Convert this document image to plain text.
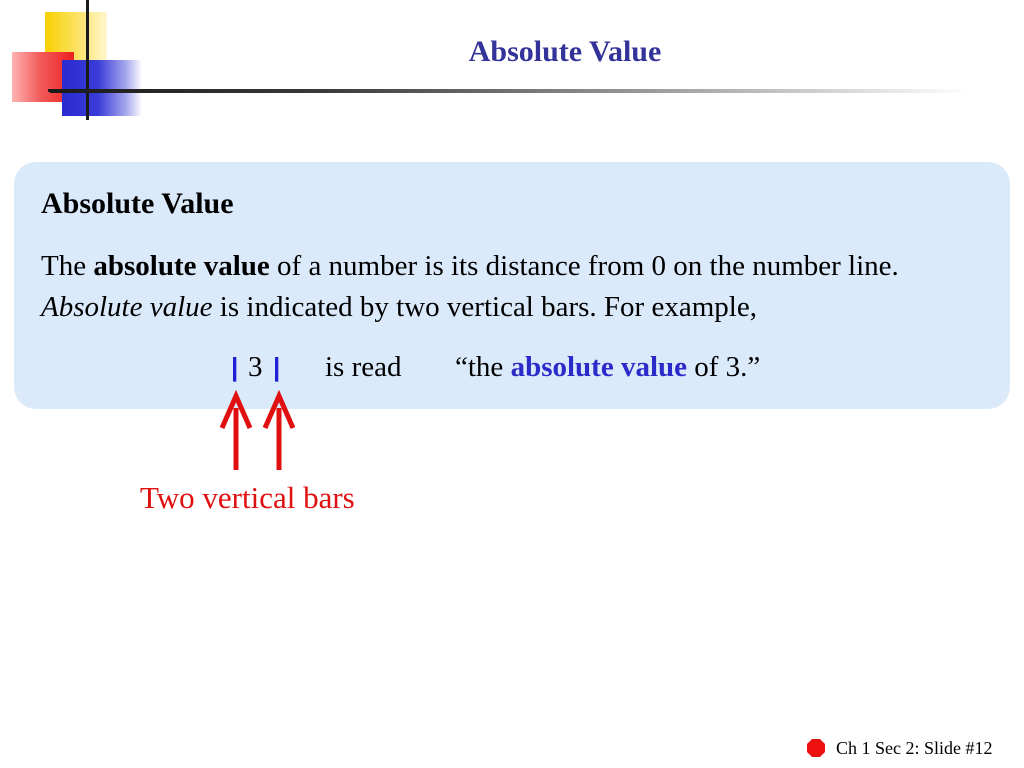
Absolute Value
Absolute Value

The absolute value of a number is its distance from 0 on the number line. Absolute value is indicated by two vertical bars. For example,

| 3 | is read “the absolute value of 3.”

Two vertical bars

Ch 1 Sec 2: Slide #12
